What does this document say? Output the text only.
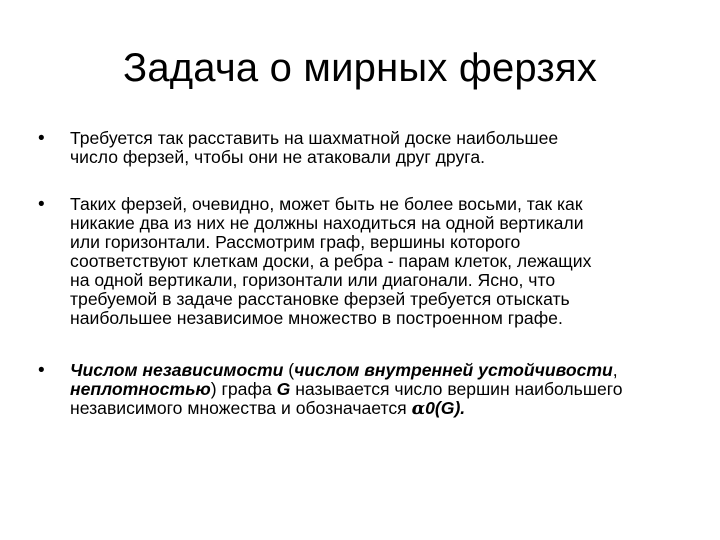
Задача о мирных ферзях
• Требуется так расставить на шахматной доске наибольшее
число ферзей, чтобы они не атаковали друг друга.
• Таких ферзей, очевидно, может быть не более восьми, так как
никакие два из них не должны находиться на одной вертикали
или горизонтали. Рассмотрим граф, вершины которого
соответствуют клеткам доски, а ребра - парам клеток, лежащих
на одной вертикали, горизонтали или диагонали. Ясно, что
требуемой в задаче расстановке ферзей требуется отыскать
наибольшее независимое множество в построенном графе.
• Числом независимости (числом внутренней устойчивости, неплотностью) графа G называется число вершин наибольшего независимого множества и обозначается α0(G).
